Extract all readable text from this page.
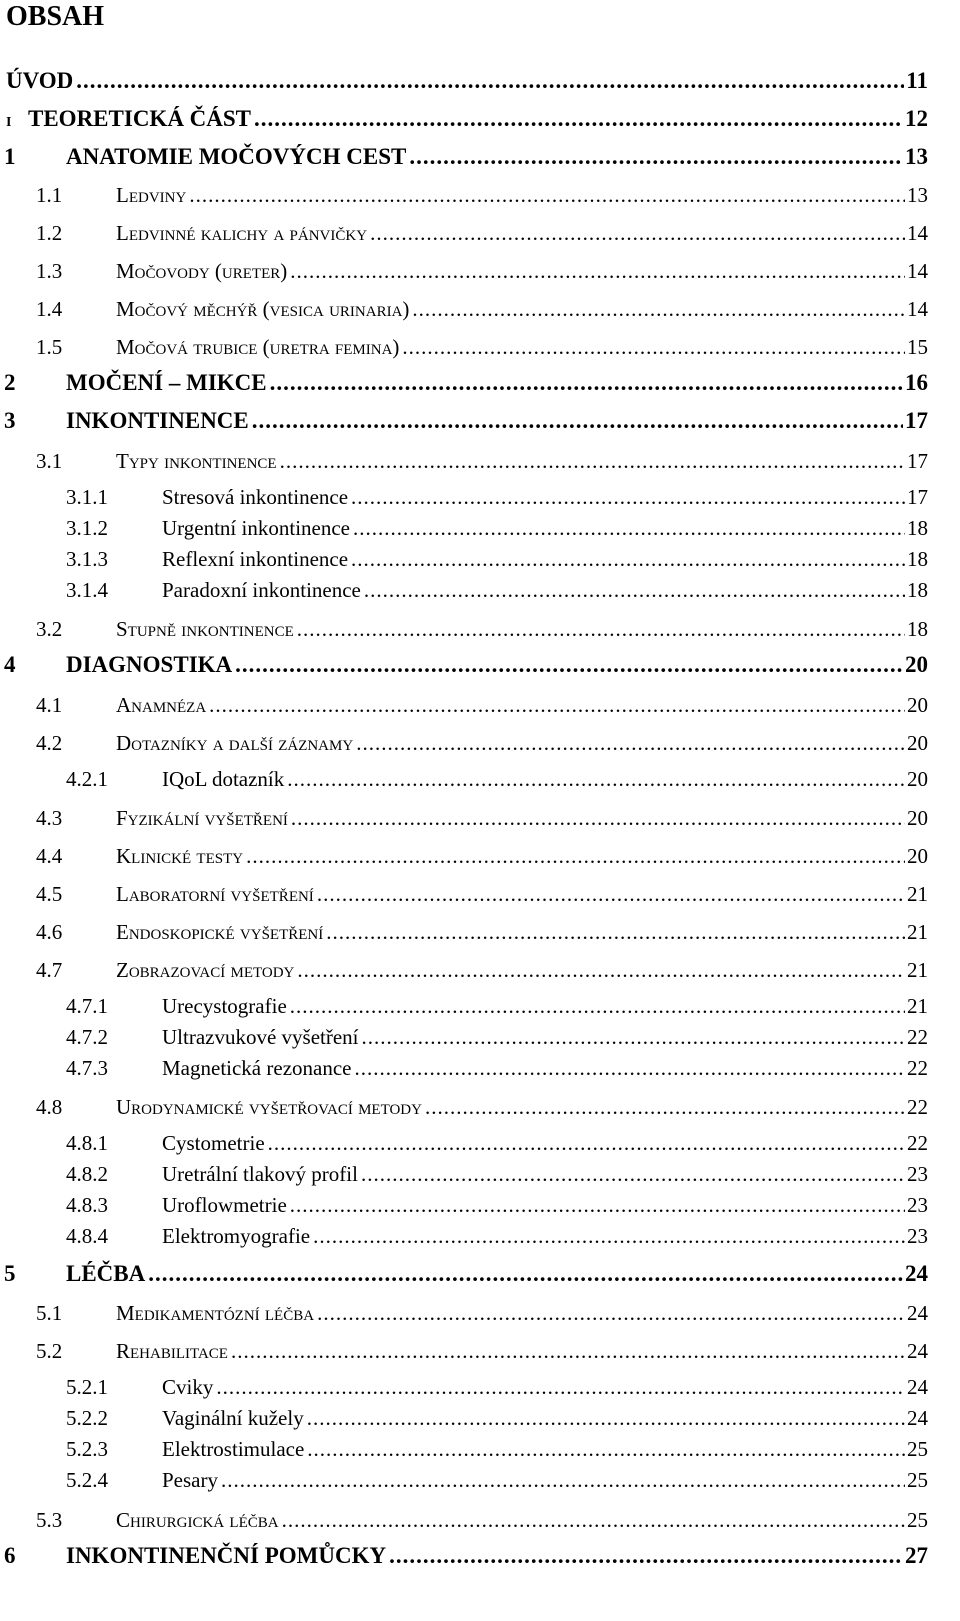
OBSAH
ÚVOD .....	11
I TEORETICKÁ ČÁST .....	12
1	ANATOMIE MOČOVÝCH CEST .....	13
1.1	Ledviny .....	13
1.2	Ledvinné kalichy a pánvičky .....	14
1.3	Močovody (ureter) .....	14
1.4	Močový měchýř (vesica urinaria) .....	14
1.5	Močová trubice (uretra femina) .....	15
2	MOČENÍ – MIKCE .....	16
3	INKONTINENCE .....	17
3.1	Typy inkontinence .....	17
3.1.1	Stresová inkontinence .....	17
3.1.2	Urgentní inkontinence .....	18
3.1.3	Reflexní inkontinence .....	18
3.1.4	Paradoxní inkontinence .....	18
3.2	Stupně inkontinence .....	18
4	DIAGNOSTIKA .....	20
4.1	Anamnéza .....	20
4.2	Dotazníky a další záznamy .....	20
4.2.1	IQoL dotazník .....	20
4.3	Fyzikální vyšetření .....	20
4.4	Klinické testy .....	20
4.5	Laboratorní vyšetření .....	21
4.6	Endoskopické vyšetření .....	21
4.7	Zobrazovací metody .....	21
4.7.1	Urecystografie .....	21
4.7.2	Ultrazvukové vyšetření .....	22
4.7.3	Magnetická rezonance .....	22
4.8	Urodynamické vyšetřovací metody .....	22
4.8.1	Cystometrie .....	22
4.8.2	Uretrální tlakový profil .....	23
4.8.3	Uroflowmetrie .....	23
4.8.4	Elektromyografie .....	23
5	LÉČBA .....	24
5.1	Medikamentózní léčba .....	24
5.2	Rehabilitace .....	24
5.2.1	Cviky .....	24
5.2.2	Vaginální kužely .....	24
5.2.3	Elektrostimulace .....	25
5.2.4	Pesary .....	25
5.3	Chirurgická léčba .....	25
6	INKONTINENČNÍ POMŮCKY .....	27
